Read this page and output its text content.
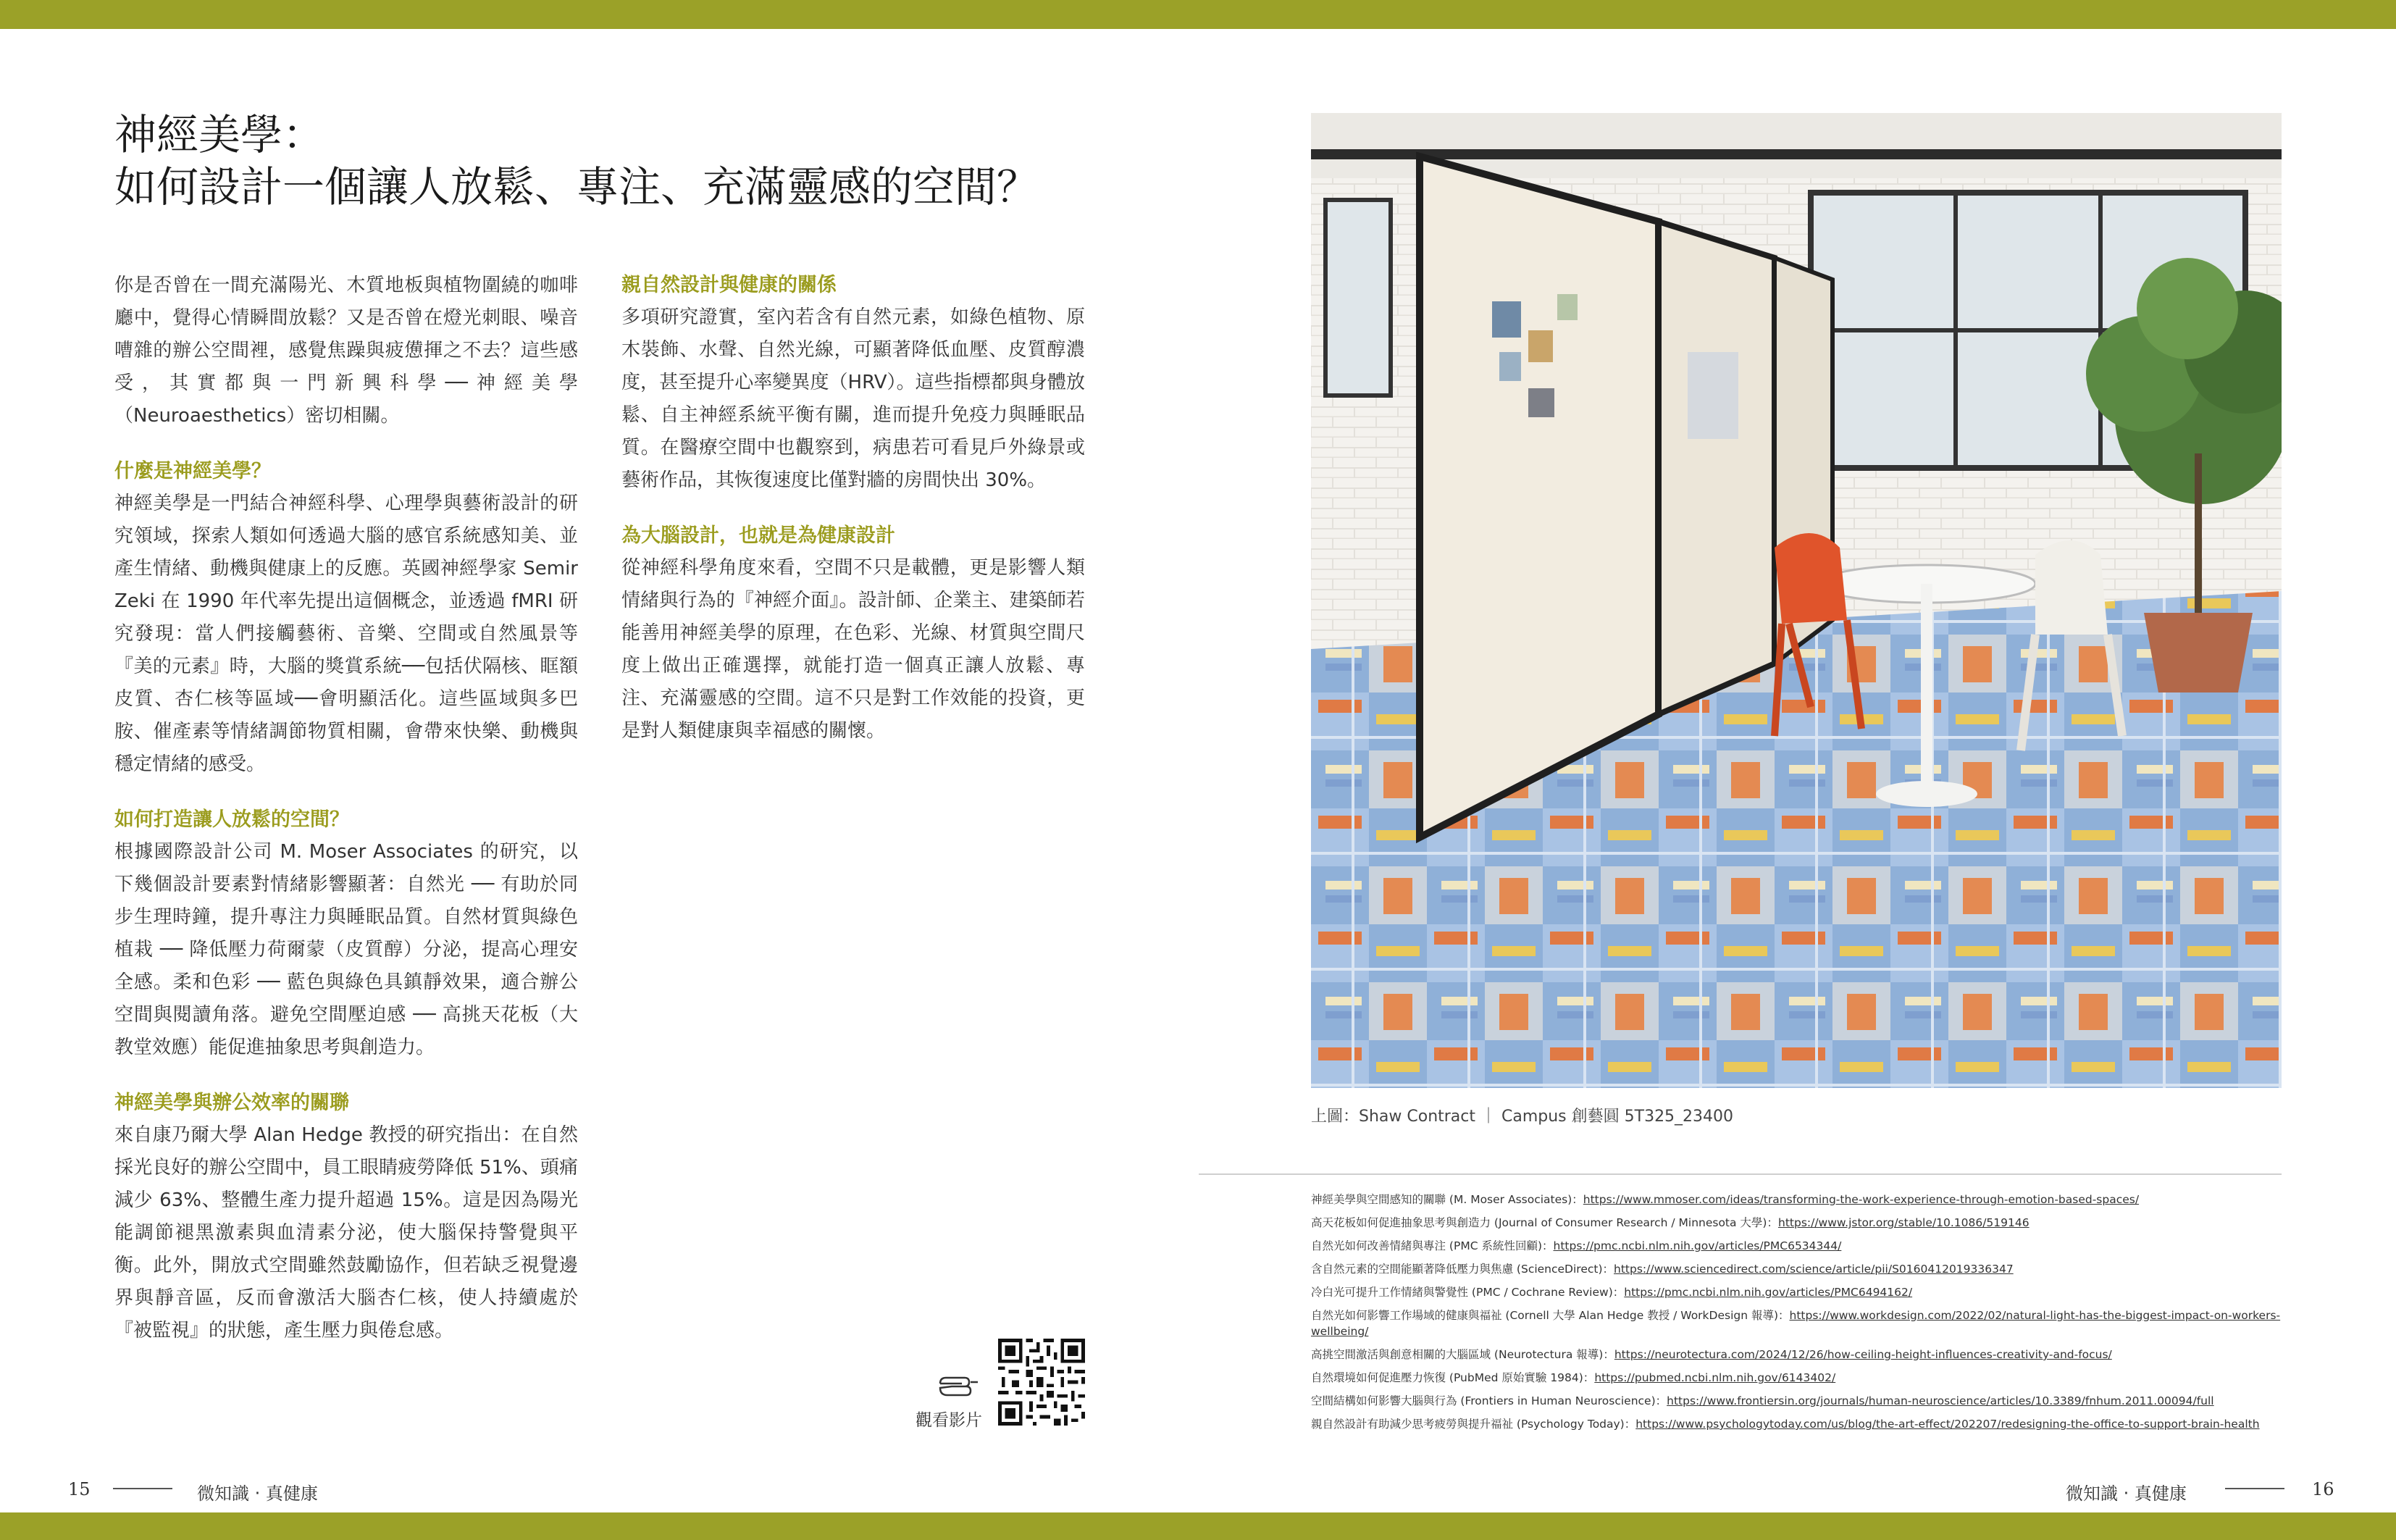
神經美學：
如何設計一個讓人放鬆、專注、充滿靈感的空間？

你是否曾在一間充滿陽光、木質地板與植物圍繞的咖啡廳中，覺得心情瞬間放鬆？又是否曾在燈光刺眼、噪音嘈雜的辦公空間裡，感覺焦躁與疲憊揮之不去？這些感受，其實都與一門新興科學──神經美學（Neuroaesthetics）密切相關。

什麼是神經美學？

神經美學是一門結合神經科學、心理學與藝術設計的研究領域，探索人類如何透過大腦的感官系統感知美、並產生情緒、動機與健康上的反應。英國神經學家 Semir Zeki 在 1990 年代率先提出這個概念，並透過 fMRI 研究發現：當人們接觸藝術、音樂、空間或自然風景等『美的元素』時，大腦的獎賞系統──包括伏隔核、眶額皮質、杏仁核等區域──會明顯活化。這些區域與多巴胺、催產素等情緒調節物質相關，會帶來快樂、動機與穩定情緒的感受。

如何打造讓人放鬆的空間？

根據國際設計公司 M. Moser Associates 的研究，以下幾個設計要素對情緒影響顯著：自然光 ── 有助於同步生理時鐘，提升專注力與睡眠品質。自然材質與綠色植栽 ── 降低壓力荷爾蒙（皮質醇）分泌，提高心理安全感。柔和色彩 ── 藍色與綠色具鎮靜效果，適合辦公空間與閱讀角落。避免空間壓迫感 ── 高挑天花板（大教堂效應）能促進抽象思考與創造力。

神經美學與辦公效率的關聯

來自康乃爾大學 Alan Hedge 教授的研究指出：在自然採光良好的辦公空間中，員工眼睛疲勞降低 51%、頭痛減少 63%、整體生產力提升超過 15%。這是因為陽光能調節褪黑激素與血清素分泌，使大腦保持警覺與平衡。此外，開放式空間雖然鼓勵協作，但若缺乏視覺邊界與靜音區，反而會激活大腦杏仁核，使人持續處於『被監視』的狀態，產生壓力與倦怠感。

親自然設計與健康的關係

多項研究證實，室內若含有自然元素，如綠色植物、原木裝飾、水聲、自然光線，可顯著降低血壓、皮質醇濃度，甚至提升心率變異度（HRV）。這些指標都與身體放鬆、自主神經系統平衡有關，進而提升免疫力與睡眠品質。在醫療空間中也觀察到，病患若可看見戶外綠景或藝術作品，其恢復速度比僅對牆的房間快出 30%。

為大腦設計，也就是為健康設計

從神經科學角度來看，空間不只是載體，更是影響人類情緒與行為的『神經介面』。設計師、企業主、建築師若能善用神經美學的原理，在色彩、光線、材質與空間尺度上做出正確選擇，就能打造一個真正讓人放鬆、專注、充滿靈感的空間。這不只是對工作效能的投資，更是對人類健康與幸福感的關懷。

上圖：Shaw Contract ｜ Campus 創藝圓 5T325_23400
神經美學與空間感知的關聯 (M. Moser Associates)：https://www.mmoser.com/ideas/transforming-the-work-experience-through-emotion-based-spaces/
高天花板如何促進抽象思考與創造力 (Journal of Consumer Research / Minnesota 大學)：https://www.jstor.org/stable/10.1086/519146
自然光如何改善情緒與專注 (PMC 系統性回顧)：https://pmc.ncbi.nlm.nih.gov/articles/PMC6534344/
含自然元素的空間能顯著降低壓力與焦慮 (ScienceDirect)：https://www.sciencedirect.com/science/article/pii/S0160412019336347
冷白光可提升工作情緒與警覺性 (PMC / Cochrane Review)：https://pmc.ncbi.nlm.nih.gov/articles/PMC6494162/
自然光如何影響工作場域的健康與福祉 (Cornell 大學 Alan Hedge 教授 / WorkDesign 報導)：https://www.workdesign.com/2022/02/natural-light-has-the-biggest-impact-on-workers-wellbeing/
高挑空間激活與創意相關的大腦區域 (Neurotectura 報導)：https://neurotectura.com/2024/12/26/how-ceiling-height-influences-creativity-and-focus/
自然環境如何促進壓力恢復 (PubMed 原始實驗 1984)：https://pubmed.ncbi.nlm.nih.gov/6143402/
空間結構如何影響大腦與行為 (Frontiers in Human Neuroscience)：https://www.frontiersin.org/journals/human-neuroscience/articles/10.3389/fnhum.2011.00094/full
親自然設計有助減少思考疲勞與提升福祉 (Psychology Today)：https://www.psychologytoday.com/us/blog/the-art-effect/202207/redesigning-the-office-to-support-brain-health
觀看影片
15	微知識 ‧ 真健康	微知識 ‧ 真健康	16
